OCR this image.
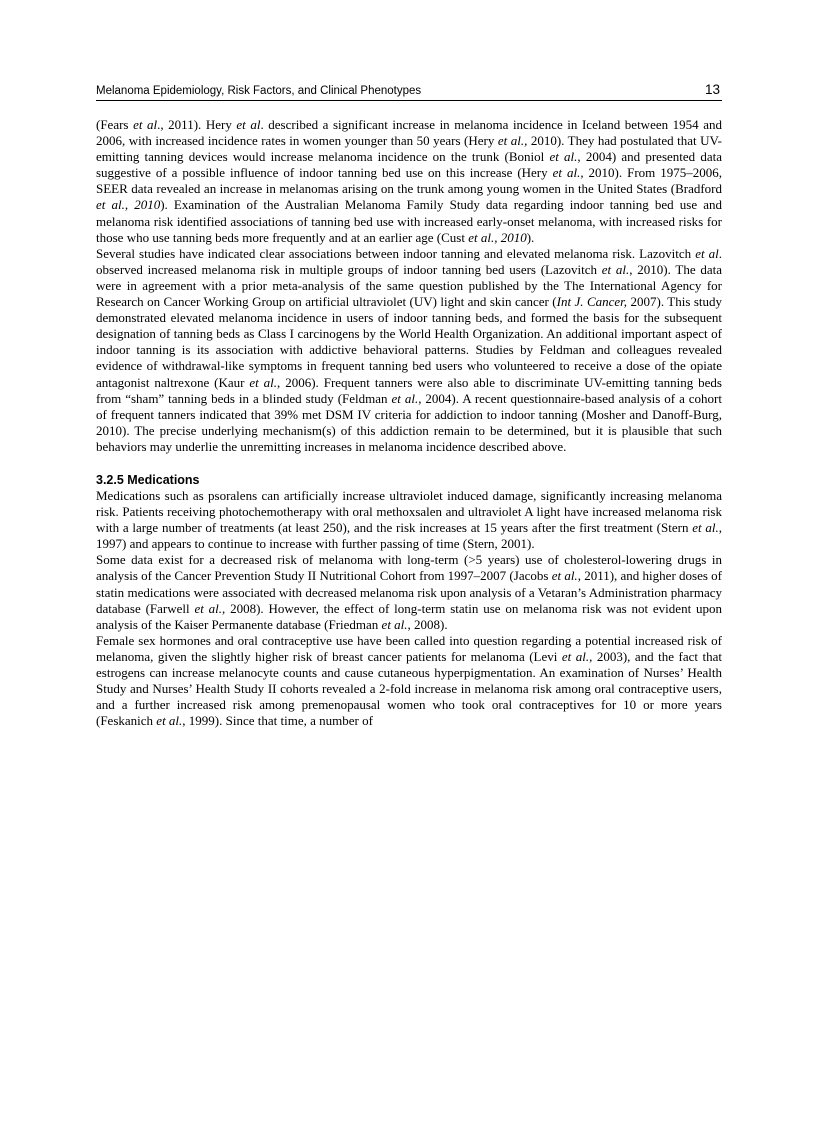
Melanoma Epidemiology, Risk Factors, and Clinical Phenotypes	13

(Fears et al., 2011). Hery et al. described a significant increase in melanoma incidence in Iceland between 1954 and 2006, with increased incidence rates in women younger than 50 years (Hery et al., 2010). They had postulated that UV-emitting tanning devices would increase melanoma incidence on the trunk (Boniol et al., 2004) and presented data suggestive of a possible influence of indoor tanning bed use on this increase (Hery et al., 2010). From 1975–2006, SEER data revealed an increase in melanomas arising on the trunk among young women in the United States (Bradford et al., 2010). Examination of the Australian Melanoma Family Study data regarding indoor tanning bed use and melanoma risk identified associations of tanning bed use with increased early-onset melanoma, with increased risks for those who use tanning beds more frequently and at an earlier age (Cust et al., 2010).

Several studies have indicated clear associations between indoor tanning and elevated melanoma risk. Lazovitch et al. observed increased melanoma risk in multiple groups of indoor tanning bed users (Lazovitch et al., 2010). The data were in agreement with a prior meta-analysis of the same question published by the The International Agency for Research on Cancer Working Group on artificial ultraviolet (UV) light and skin cancer (Int J. Cancer, 2007). This study demonstrated elevated melanoma incidence in users of indoor tanning beds, and formed the basis for the subsequent designation of tanning beds as Class I carcinogens by the World Health Organization. An additional important aspect of indoor tanning is its association with addictive behavioral patterns. Studies by Feldman and colleagues revealed evidence of withdrawal-like symptoms in frequent tanning bed users who volunteered to receive a dose of the opiate antagonist naltrexone (Kaur et al., 2006). Frequent tanners were also able to discriminate UV-emitting tanning beds from “sham” tanning beds in a blinded study (Feldman et al., 2004). A recent questionnaire-based analysis of a cohort of frequent tanners indicated that 39% met DSM IV criteria for addiction to indoor tanning (Mosher and Danoff-Burg, 2010). The precise underlying mechanism(s) of this addiction remain to be determined, but it is plausible that such behaviors may underlie the unremitting increases in melanoma incidence described above.

3.2.5 Medications

Medications such as psoralens can artificially increase ultraviolet induced damage, significantly increasing melanoma risk. Patients receiving photochemotherapy with oral methoxsalen and ultraviolet A light have increased melanoma risk with a large number of treatments (at least 250), and the risk increases at 15 years after the first treatment (Stern et al., 1997) and appears to continue to increase with further passing of time (Stern, 2001).

Some data exist for a decreased risk of melanoma with long-term (>5 years) use of cholesterol-lowering drugs in analysis of the Cancer Prevention Study II Nutritional Cohort from 1997–2007 (Jacobs et al., 2011), and higher doses of statin medications were associated with decreased melanoma risk upon analysis of a Vetaran’s Administration pharmacy database (Farwell et al., 2008). However, the effect of long-term statin use on melanoma risk was not evident upon analysis of the Kaiser Permanente database (Friedman et al., 2008).

Female sex hormones and oral contraceptive use have been called into question regarding a potential increased risk of melanoma, given the slightly higher risk of breast cancer patients for melanoma (Levi et al., 2003), and the fact that estrogens can increase melanocyte counts and cause cutaneous hyperpigmentation. An examination of Nurses’ Health Study and Nurses’ Health Study II cohorts revealed a 2-fold increase in melanoma risk among oral contraceptive users, and a further increased risk among premenopausal women who took oral contraceptives for 10 or more years (Feskanich et al., 1999). Since that time, a number of
